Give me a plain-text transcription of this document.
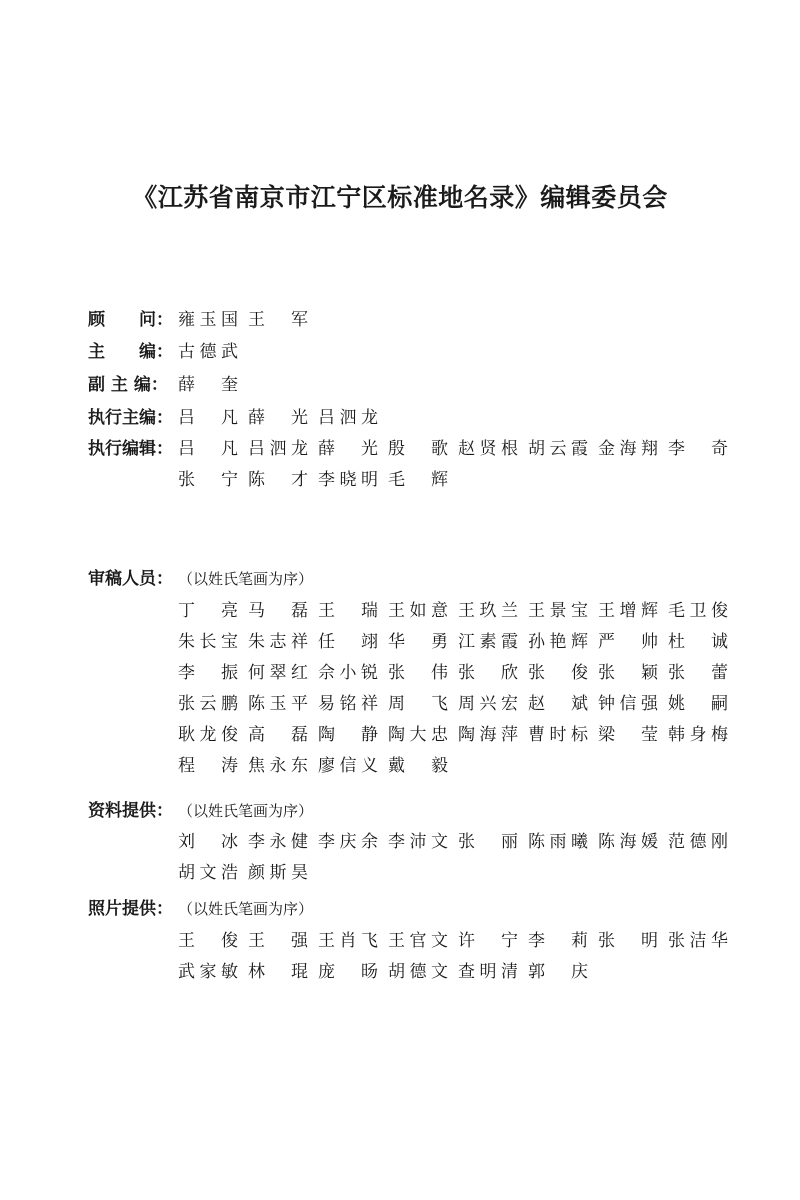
《江苏省南京市江宁区标准地名录》编辑委员会
顾　　问： 雍玉国 王　军
主　　编： 古德武
副 主 编： 薛　奎
执行主编： 吕　凡 薛　光 吕泗龙
执行编辑： 吕　凡 吕泗龙 薛　光 殷　歌 赵贤根 胡云霞 金海翔 李　奇
张　宁 陈　才 李晓明 毛　辉
审稿人员： （以姓氏笔画为序）
丁　亮 马　磊 王　瑞 王如意 王玖兰 王景宝 王增辉 毛卫俊
朱长宝 朱志祥 任　翊 华　勇 江素霞 孙艳辉 严　帅 杜　诚
李　振 何翠红 佘小锐 张　伟 张　欣 张　俊 张　颖 张　蕾
张云鹏 陈玉平 易铭祥 周　飞 周兴宏 赵　斌 钟信强 姚　嗣
耿龙俊 高　磊 陶　静 陶大忠 陶海萍 曹时标 梁　莹 韩身梅
程　涛 焦永东 廖信义 戴　毅
资料提供： （以姓氏笔画为序）
刘　冰 李永健 李庆余 李沛文 张　丽 陈雨曦 陈海媛 范德刚
胡文浩 颜斯昊
照片提供： （以姓氏笔画为序）
王　俊 王　强 王肖飞 王官文 许　宁 李　莉 张　明 张洁华
武家敏 林　琨 庞　旸 胡德文 查明清 郭　庆
